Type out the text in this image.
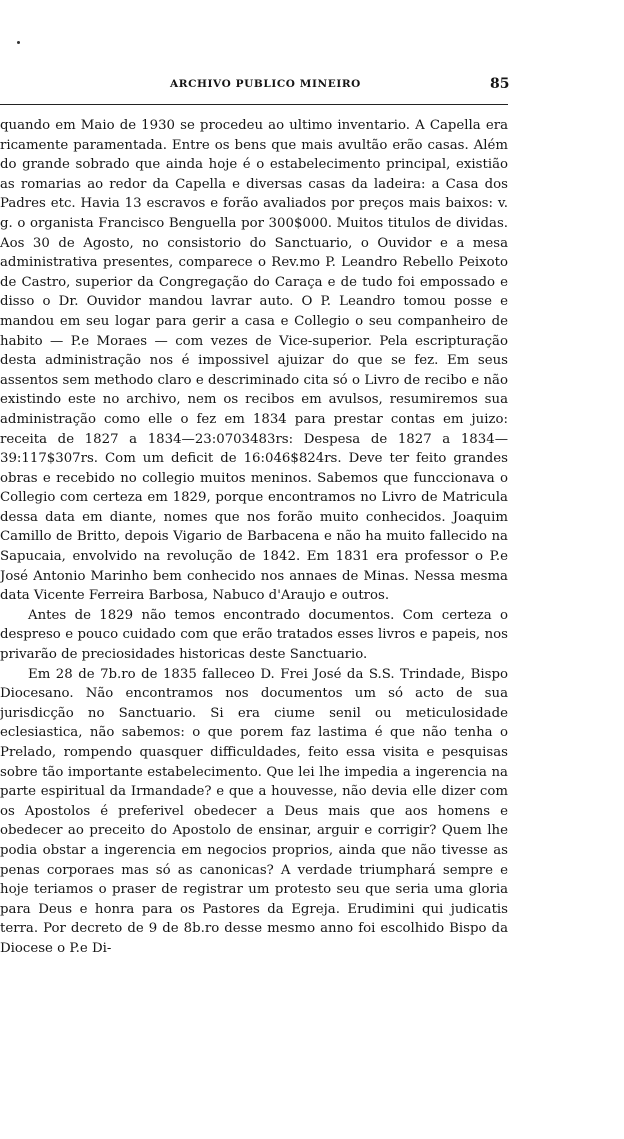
ARCHIVO PUBLICO MINEIRO	85

quando em Maio de 1930 se procedeu ao ultimo inventario. A Capella era ricamente paramentada. Entre os bens que mais avultão erão casas. Além do grande sobrado que ainda hoje é o estabelecimento principal, existião as romarias ao redor da Capella e diversas casas da ladeira: a Casa dos Padres etc. Havia 13 escravos e forão avaliados por preços mais baixos: v. g. o organista Francisco Benguella por 300$000. Muitos titulos de dividas. Aos 30 de Agosto, no consistorio do Sanctuario, o Ouvidor e a mesa administrativa presentes, comparece o Rev.mo P. Leandro Rebello Peixoto de Castro, superior da Congregação do Caraça e de tudo foi empossado e disso o Dr. Ouvidor mandou lavrar auto. O P. Leandro tomou posse e mandou em seu logar para gerir a casa e Collegio o seu companheiro de habito — P.e Moraes — com vezes de Vice-superior. Pela escripturação desta administração nos é impossivel ajuizar do que se fez. Em seus assentos sem methodo claro e descriminado cita só o Livro de recibo e não existindo este no archivo, nem os recibos em avulsos, resumiremos sua administração como elle o fez em 1834 para prestar contas em juizo: receita de 1827 a 1834—23:0703483rs: Despesa de 1827 a 1834—39:117$307rs. Com um deficit de 16:046$824rs. Deve ter feito grandes obras e recebido no collegio muitos meninos. Sabemos que funccionava o Collegio com certeza em 1829, porque encontramos no Livro de Matricula dessa data em diante, nomes que nos forão muito conhecidos. Joaquim Camillo de Britto, depois Vigario de Barbacena e não ha muito fallecido na Sapucaia, envolvido na revolução de 1842. Em 1831 era professor o P.e José Antonio Marinho bem conhecido nos annaes de Minas. Nessa mesma data Vicente Ferreira Barbosa, Nabuco d'Araujo e outros.

Antes de 1829 não temos encontrado documentos. Com certeza o despreso e pouco cuidado com que erão tratados esses livros e papeis, nos privarão de preciosidades historicas deste Sanctuario.

Em 28 de 7b.ro de 1835 falleceo D. Frei José da S.S. Trindade, Bispo Diocesano. Não encontramos nos documentos um só acto de sua jurisdicção no Sanctuario. Si era ciume senil ou meticulosidade eclesiastica, não sabemos: o que porem faz lastima é que não tenha o Prelado, rompendo quasquer difficuldades, feito essa visita e pesquisas sobre tão importante estabelecimento. Que lei lhe impedia a ingerencia na parte espiritual da Irmandade? e que a houvesse, não devia elle dizer com os Apostolos é preferivel obedecer a Deus mais que aos homens e obedecer ao preceito do Apostolo de ensinar, arguir e corrigir? Quem lhe podia obstar a ingerencia em negocios proprios, ainda que não tivesse as penas corporaes mas só as canonicas? A verdade triumphará sempre e hoje teriamos o praser de registrar um protesto seu que seria uma gloria para Deus e honra para os Pastores da Egreja. Erudimini qui judicatis terra. Por decreto de 9 de 8b.ro desse mesmo anno foi escolhido Bispo da Diocese o P.e Di-
